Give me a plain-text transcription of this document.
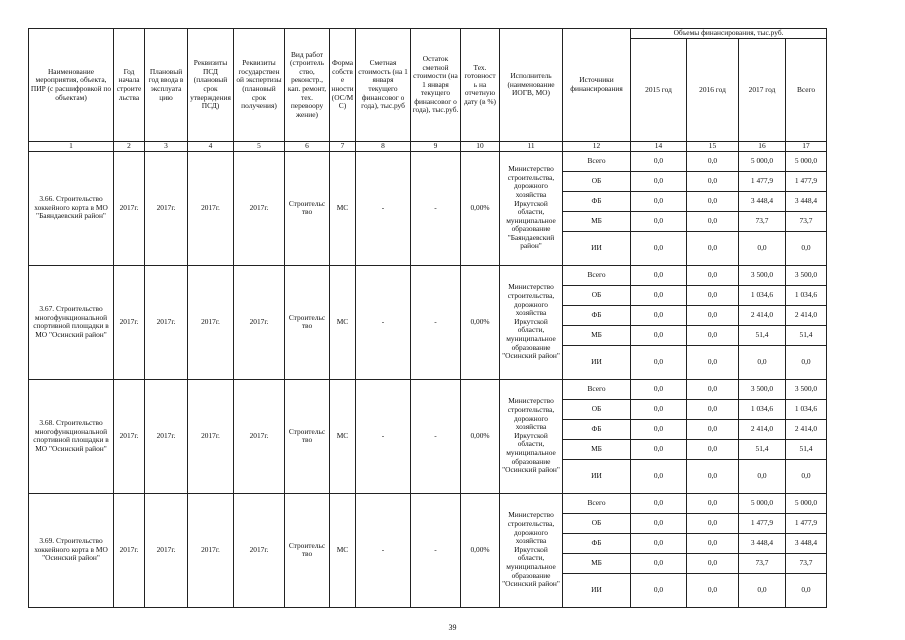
Наименование мероприятия, объекта, ПИР (с расшифровкой по объектам)	Год начала строите льства	Плановый год ввода в эксплуата цию	Реквизиты ПСД (плановый срок утверждения ПСД)	Реквизиты государствен ой экспертизы (плановый срок получения)	Вид работ (строитель ство, реконстр., кап. ремонт, тех. перевоору жение)	Форма собстве нности (ОС/М С)	Сметная стоимость (на 1 января текущего финансовог о года), тыс.руб	Остаток сметной стоимости (на 1 января текущего финансовог о года), тыс.руб.	Тех. готовност ь на отчетную дату (в %)	Исполнитель (наименование ИОГВ, МО)	Источники финансирования	Объемы финансирования, тыс.руб.			
												2015 год	2016 год	2017 год	Всего
1	2	3	4	5	6	7	8	9	10	11	12	14	15	16	17
3.66. Строительство хоккейного корта в МО "Баяндаевский район"	2017г.	2017г.	2017г.	2017г.	Строительс тво	МС	-	-	0,00%	Министерство строительства, дорожного хозяйства Иркутской области, муниципальное образование "Баяндаевский район"	Всего	0,0	0,0	5 000,0	5 000,0
											ОБ	0,0	0,0	1 477,9	1 477,9
											ФБ	0,0	0,0	3 448,4	3 448,4
											МБ	0,0	0,0	73,7	73,7
											ИИ	0,0	0,0	0,0	0,0
3.67. Строительство многофункциональной спортивной площадки в МО "Осинский район"	2017г.	2017г.	2017г.	2017г.	Строительс тво	МС	-	-	0,00%	Министерство строительства, дорожного хозяйства Иркутской области, муниципальное образование "Осинский район"	Всего	0,0	0,0	3 500,0	3 500,0
											ОБ	0,0	0,0	1 034,6	1 034,6
											ФБ	0,0	0,0	2 414,0	2 414,0
											МБ	0,0	0,0	51,4	51,4
											ИИ	0,0	0,0	0,0	0,0
3.68. Строительство многофункциональной спортивной площадки в МО "Осинский район"	2017г.	2017г.	2017г.	2017г.	Строительс тво	МС	-	-	0,00%	Министерство строительства, дорожного хозяйства Иркутской области, муниципальное образование "Осинский район"	Всего	0,0	0,0	3 500,0	3 500,0
											ОБ	0,0	0,0	1 034,6	1 034,6
											ФБ	0,0	0,0	2 414,0	2 414,0
											МБ	0,0	0,0	51,4	51,4
											ИИ	0,0	0,0	0,0	0,0
3.69. Строительство хоккейного корта в МО "Осинский район"	2017г.	2017г.	2017г.	2017г.	Строительс тво	МС	-	-	0,00%	Министерство строительства, дорожного хозяйства Иркутской области, муниципальное образование "Осинский район"	Всего	0,0	0,0	5 000,0	5 000,0
											ОБ	0,0	0,0	1 477,9	1 477,9
											ФБ	0,0	0,0	3 448,4	3 448,4
											МБ	0,0	0,0	73,7	73,7
											ИИ	0,0	0,0	0,0	0,0
39
